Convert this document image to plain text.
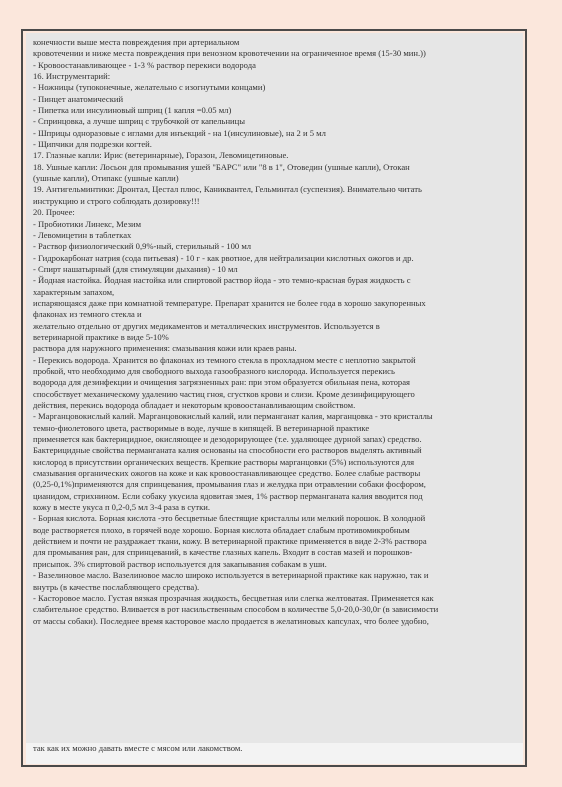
конечности выше места повреждения при артериальном

кровотечении и ниже места повреждения при венозном кровотечении на ограниченное время (15-30 мин.))

- Кровоостанавливающее - 1-3 % раствор перекиси водорода

16. Инструментарий:

- Ножницы (тупоконечные, желательно с изогнутыми концами)

- Пинцет анатомический

- Пипетка или инсулиновый шприц (1 капля =0.05 мл)

- Спринцовка, а лучше шприц с трубочкой от капельницы

- Шприцы одноразовые с иглами для инъекций - на 1(инсулиновые), на 2 и 5 мл

- Щипчики для подрезки когтей.

17. Глазные капли: Ирис (ветеринарные), Горазон, Левомицетиновые.

18. Ушные капли: Лосьон для промывания ушей "БАРС" или "8 в 1", Отоведин (ушные капли), Отокан

(ушные капли), Отипакс (ушные капли)

19. Антигельминтики: Дронтал, Цестал плюс, Каниквантел, Гельминтал (суспензия). Внимательно читать

инструкцию и строго соблюдать дозировку!!!

20. Прочее:

- Пробиотики Линекс, Мезим

- Левомицетин в таблетках

- Раствор физиологический 0,9%-ный, стерильный - 100 мл

- Гидрокарбонат натрия (сода питьевая) - 10 г - как рвотное, для нейтрализации кислотных ожогов и др.

- Спирт нашатырный (для стимуляции дыхания) - 10 мл

- Йодная настойка. Йодная настойка или спиртовой раствор йода - это темно-красная бурая жидкость с

характерным запахом,

испаряющаяся даже при комнатной температуре. Препарат хранится не более года в хорошо закупоренных

флаконах из темного стекла и

желательно отдельно от других медикаментов и металлических инструментов. Используется в

ветеринарной практике в виде 5-10%

раствора для наружного применения: смазывания кожи или краев раны.

- Перекись водорода. Хранится во флаконах из темного стекла в прохладном месте с неплотно закрытой

пробкой, что необходимо для свободного выхода газообразного кислорода. Используется перекись

водорода для дезинфекции и очищения загрязненных ран: при этом образуется обильная пена, которая

способствует механическому удалению частиц гноя, сгустков крови и слизи. Кроме дезинфицирующего

действия, перекись водорода обладает и некоторым кровоостанавливающим свойством.

- Марганцовокислый калий. Марганцовокислый калий, или перманганат калия, марганцовка - это кристаллы

темно-фиолетового цвета, растворимые в воде, лучше в кипящей. В ветеринарной практике

применяется как бактерицидное, окисляющее и дезодорирующее (т.е. удаляющее дурной запах) средство.

Бактерицидные свойства перманганата калия основаны на способности его растворов выделять активный

кислород в присутствии органических веществ. Крепкие растворы марганцовки (5%) используются для

смазывания органических ожогов на коже и как кровоостанавливающее средство. Более слабые растворы

(0,25-0,1%)применяются для спринцевания, промывания глаз и желудка при отравлении собаки фосфором,

цианидом, стрихнином. Если собаку укусила ядовитая змея, 1% раствор перманганата калия вводится под

кожу в месте укуса п 0,2-0,5 мл 3-4 раза в сутки.

- Борная кислота. Борная кислота -это бесцветные блестящие кристаллы или мелкий порошок. В холодной

воде растворяется плохо, в горячей воде хорошо. Борная кислота обладает слабым противомикробным

действием и почти не раздражает ткани, кожу. В ветеринарной практике применяется в виде 2-3% раствора

для промывания ран, для спринцеваний, в качестве глазных капель. Входит в состав мазей и порошков-

присыпок. 3% спиртовой раствор используется для закапывания собакам в уши.

- Вазелиновое масло. Вазелиновое масло широко используется в ветеринарной практике как наружно, так и

внутрь (в качестве послабляющего средства).

- Касторовое масло. Густая вязкая прозрачная жидкость, бесцветная или слегка желтоватая. Применяется как

слабительное средство. Вливается в рот насильственным способом в количестве 5,0-20,0-30,0г (в зависимости

от массы собаки). Последнее время касторовое масло продается в желатиновых капсулах, что более удобно,

так как их можно давать вместе с мясом или лакомством.
